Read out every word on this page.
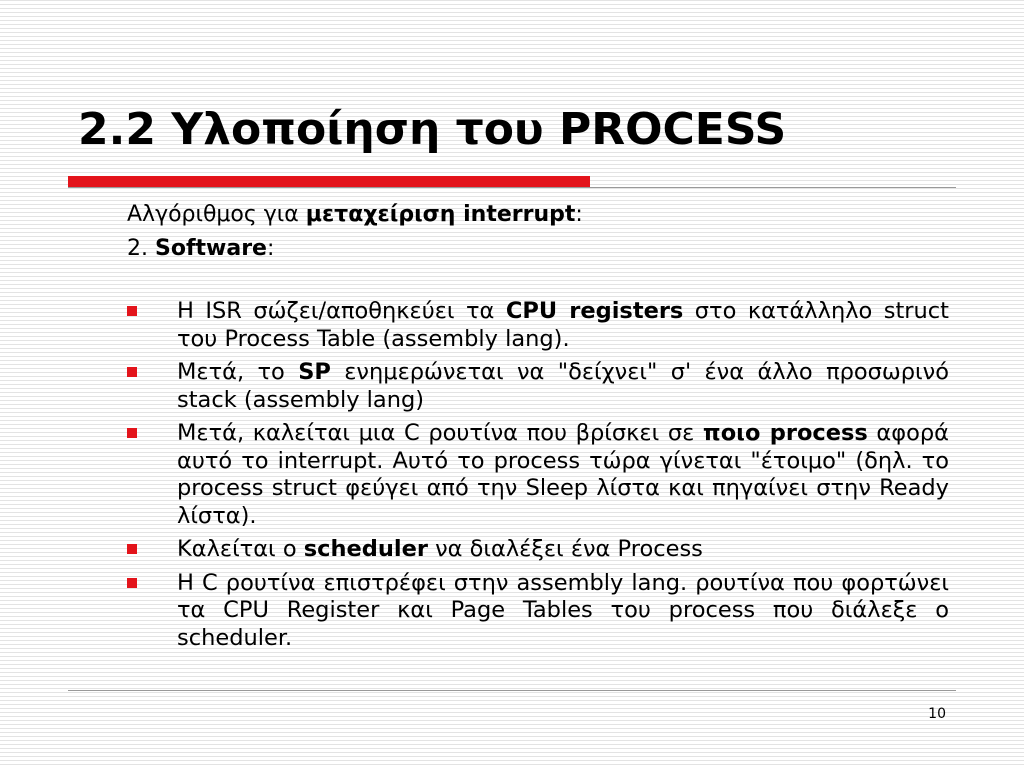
2.2 Υλοποίηση του PROCESS
Αλγόριθμος για μεταχείριση interrupt:
2. Software:
Η ISR σώζει/αποθηκεύει τα CPU registers στο κατάλληλο struct του Process Table (assembly lang).
Μετά, το SP ενημερώνεται να "δείχνει" σ' ένα άλλο προσωρινό stack (assembly lang)
Μετά, καλείται μια C ρουτίνα που βρίσκει σε ποιο process αφορά αυτό το interrupt. Αυτό το process τώρα γίνεται "έτοιμο" (δηλ. το process struct φεύγει από την Sleep λίστα και πηγαίνει στην Ready λίστα).
Καλείται ο scheduler να διαλέξει ένα Process
Η C ρουτίνα επιστρέφει στην assembly lang. ρουτίνα που φορτώνει τα CPU Register και Page Tables του process που διάλεξε ο scheduler.
10
